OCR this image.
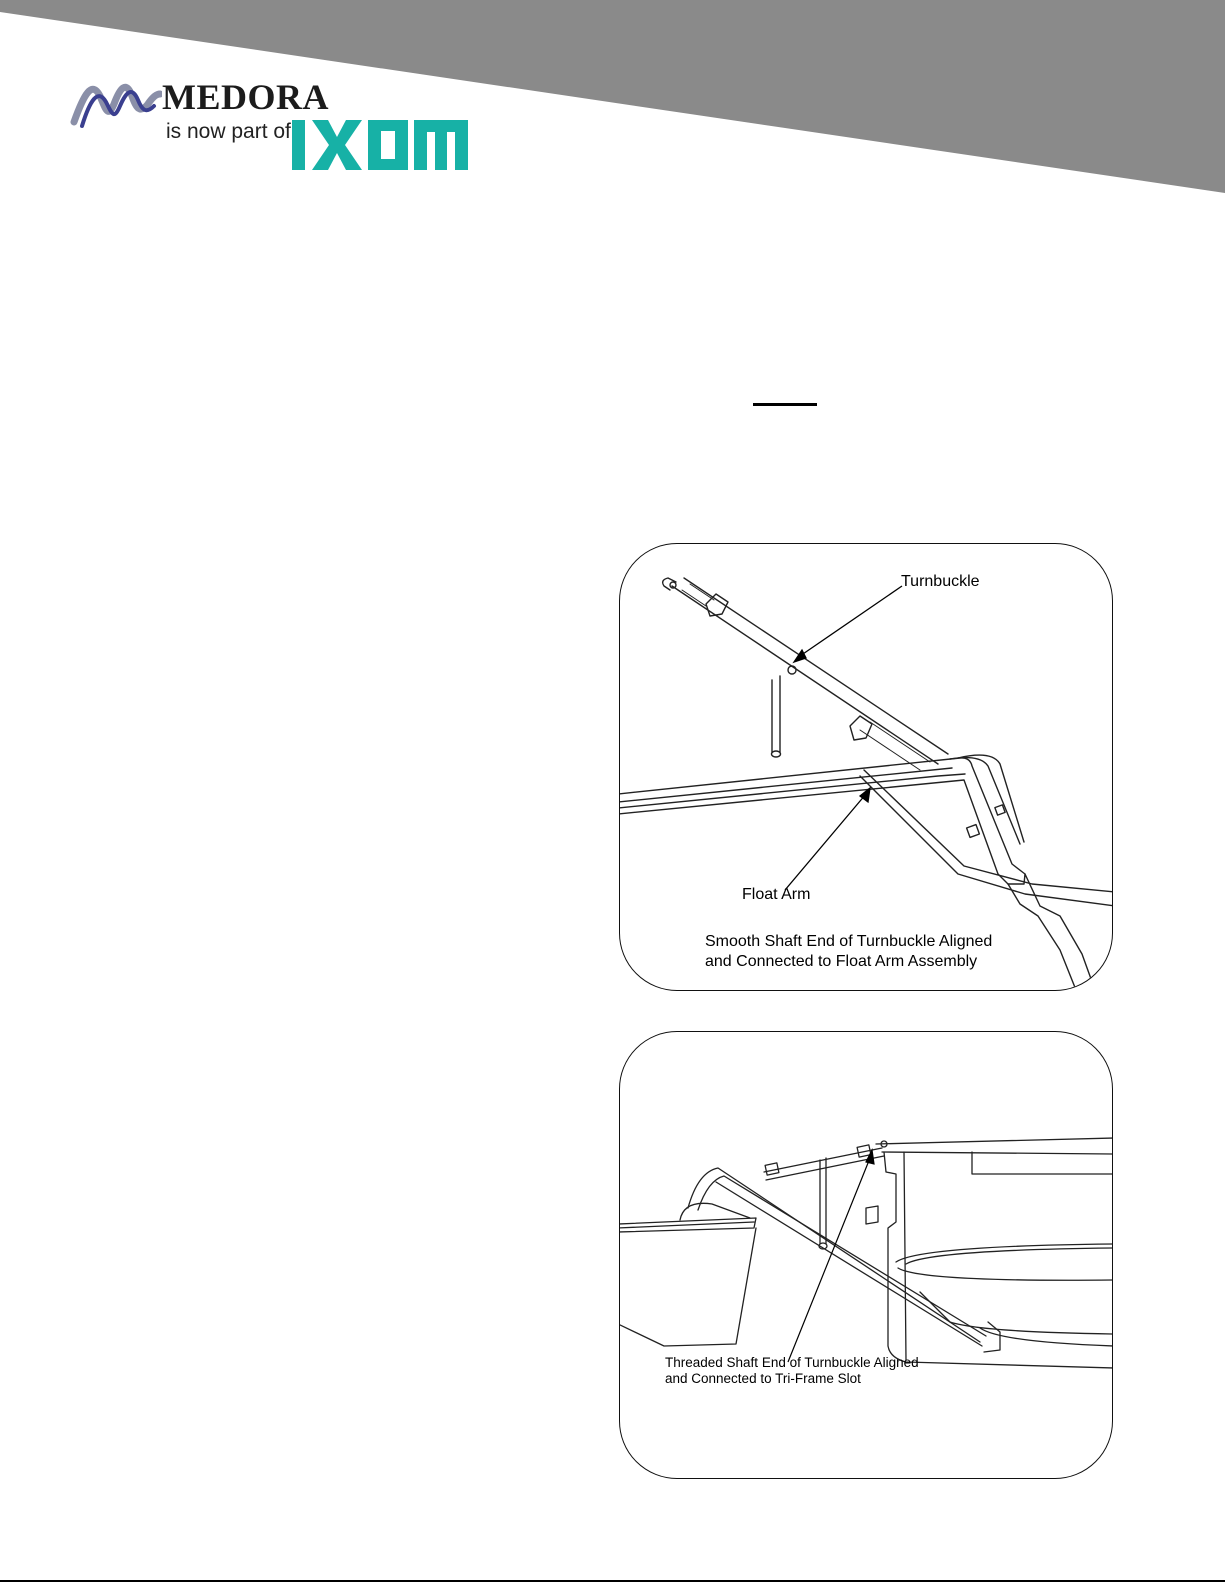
MEDORA
is now part of
Turnbuckle
Float Arm
Smooth Shaft End of Turnbuckle Aligned
and Connected to Float Arm Assembly
Threaded Shaft End of Turnbuckle Aligned
and Connected to Tri-Frame Slot
